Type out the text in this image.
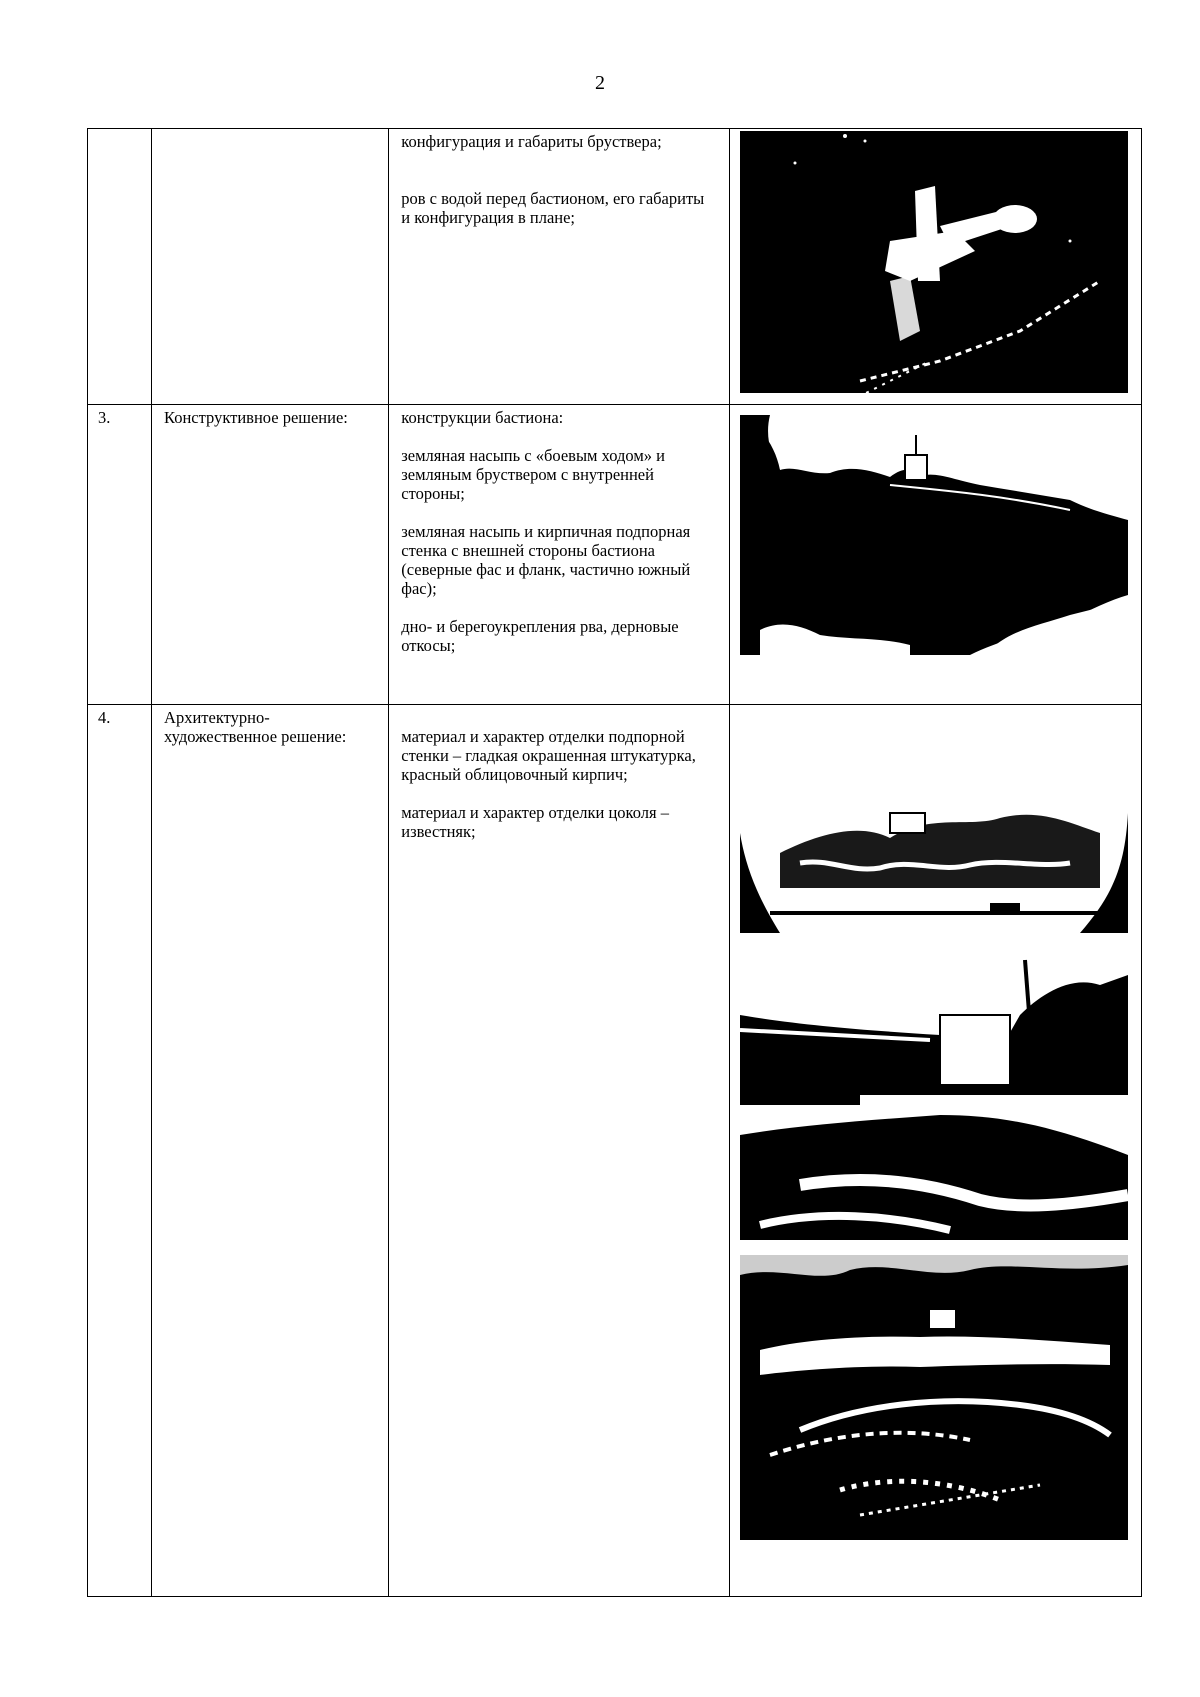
2

		конфигурация и габариты бруствера;

ров с водой перед бастионом, его габариты и конфигурация в плане;

3.	Конструктивное решение:	конструкции бастиона:

земляная насыпь с «боевым ходом» и земляным бруствером с внутренней стороны;

земляная насыпь и кирпичная подпорная стенка с внешней стороны бастиона (северные фас и фланк, частично южный фас);

дно- и берегоукрепления рва, дерновые откосы;

4.	Архитектурно-художественное решение:	материал и характер отделки подпорной стенки – гладкая окрашенная штукатурка, красный облицовочный кирпич;

материал и характер отделки цоколя – известняк;
